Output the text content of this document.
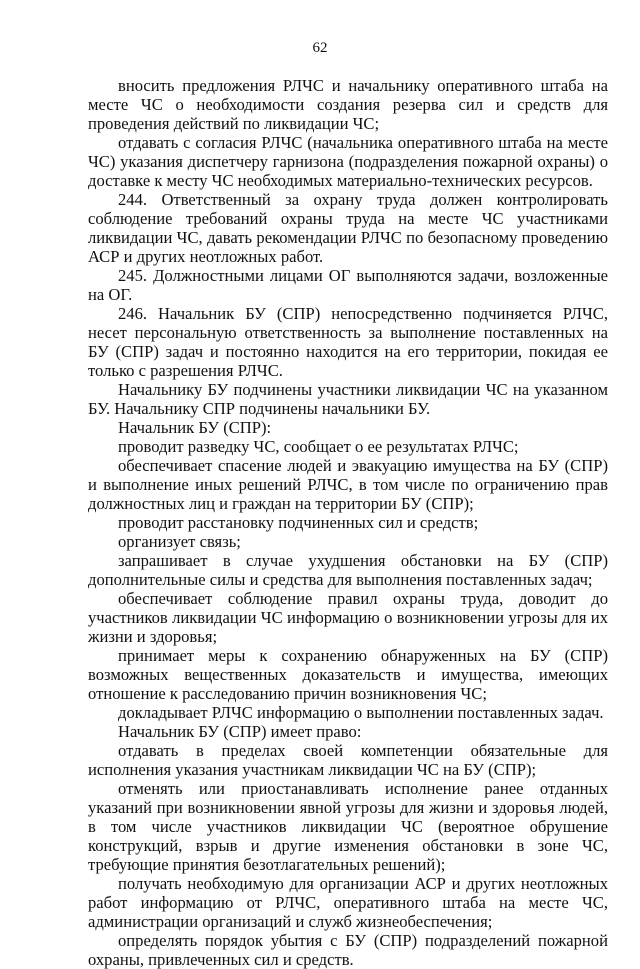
62

вносить предложения РЛЧС и начальнику оперативного штаба на месте ЧС о необходимости создания резерва сил и средств для проведения действий по ликвидации ЧС;

отдавать с согласия РЛЧС (начальника оперативного штаба на месте ЧС) указания диспетчеру гарнизона (подразделения пожарной охраны) о доставке к месту ЧС необходимых материально-технических ресурсов.

244. Ответственный за охрану труда должен контролировать соблюдение требований охраны труда на месте ЧС участниками ликвидации ЧС, давать рекомендации РЛЧС по безопасному проведению АСР и других неотложных работ.

245. Должностными лицами ОГ выполняются задачи, возложенные на ОГ.

246. Начальник БУ (СПР) непосредственно подчиняется РЛЧС, несет персональную ответственность за выполнение поставленных на БУ (СПР) задач и постоянно находится на его территории, покидая ее только с разрешения РЛЧС.

Начальнику БУ подчинены участники ликвидации ЧС на указанном БУ. Начальнику СПР подчинены начальники БУ.

Начальник БУ (СПР):

проводит разведку ЧС, сообщает о ее результатах РЛЧС;

обеспечивает спасение людей и эвакуацию имущества на БУ (СПР) и выполнение иных решений РЛЧС, в том числе по ограничению прав должностных лиц и граждан на территории БУ (СПР);

проводит расстановку подчиненных сил и средств;

организует связь;

запрашивает в случае ухудшения обстановки на БУ (СПР) дополнительные силы и средства для выполнения поставленных задач;

обеспечивает соблюдение правил охраны труда, доводит до участников ликвидации ЧС информацию о возникновении угрозы для их жизни и здоровья;

принимает меры к сохранению обнаруженных на БУ (СПР) возможных вещественных доказательств и имущества, имеющих отношение к расследованию причин возникновения ЧС;

докладывает РЛЧС информацию о выполнении поставленных задач.

Начальник БУ (СПР) имеет право:

отдавать в пределах своей компетенции обязательные для исполнения указания участникам ликвидации ЧС на БУ (СПР);

отменять или приостанавливать исполнение ранее отданных указаний при возникновении явной угрозы для жизни и здоровья людей, в том числе участников ликвидации ЧС (вероятное обрушение конструкций, взрыв и другие изменения обстановки в зоне ЧС, требующие принятия безотлагательных решений);

получать необходимую для организации АСР и других неотложных работ информацию от РЛЧС, оперативного штаба на месте ЧС, администрации организаций и служб жизнеобеспечения;

определять порядок убытия с БУ (СПР) подразделений пожарной охраны, привлеченных сил и средств.
